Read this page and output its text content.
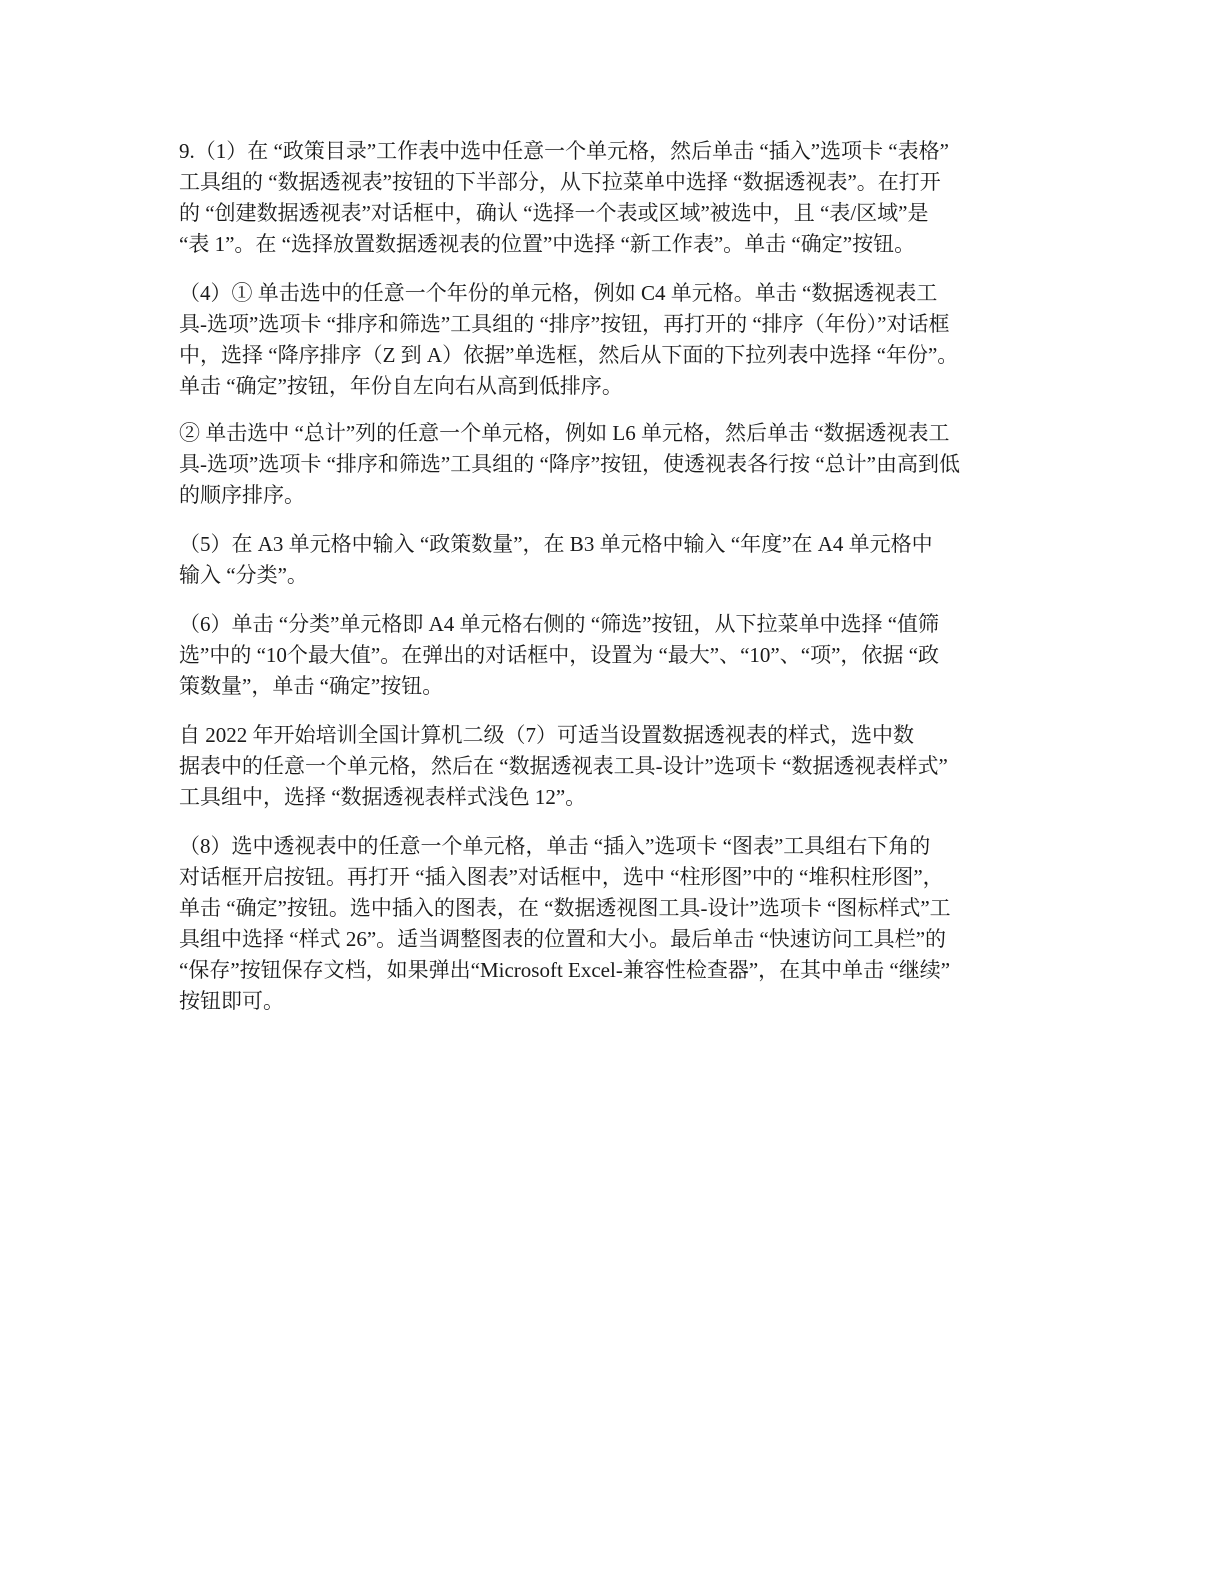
9.（1）在 “政策目录”工作表中选中任意一个单元格，然后单击 “插入”选项卡 “表格”
工具组的 “数据透视表”按钮的下半部分，从下拉菜单中选择 “数据透视表”。在打开
的 “创建数据透视表”对话框中，确认 “选择一个表或区域”被选中，且 “表/区域”是
“表 1”。在 “选择放置数据透视表的位置”中选择 “新工作表”。单击 “确定”按钮。

（4）① 单击选中的任意一个年份的单元格，例如 C4 单元格。单击 “数据透视表工
具-选项”选项卡 “排序和筛选”工具组的 “排序”按钮，再打开的 “排序（年份）”对话框
中，选择 “降序排序（Z 到 A）依据”单选框，然后从下面的下拉列表中选择 “年份”。
单击 “确定”按钮，年份自左向右从高到低排序。

② 单击选中 “总计”列的任意一个单元格，例如 L6 单元格，然后单击 “数据透视表工
具-选项”选项卡 “排序和筛选”工具组的 “降序”按钮，使透视表各行按 “总计”由高到低
的顺序排序。

（5）在 A3 单元格中输入 “政策数量”，在 B3 单元格中输入 “年度”在 A4 单元格中
输入 “分类”。

（6）单击 “分类”单元格即 A4 单元格右侧的 “筛选”按钮，从下拉菜单中选择 “值筛
选”中的 “10个最大值”。在弹出的对话框中，设置为 “最大”、“10”、“项”，依据 “政
策数量”，单击 “确定”按钮。

自 2022 年开始培训全国计算机二级（7）可适当设置数据透视表的样式，选中数
据表中的任意一个单元格，然后在 “数据透视表工具-设计”选项卡 “数据透视表样式”
工具组中，选择 “数据透视表样式浅色 12”。

（8）选中透视表中的任意一个单元格，单击 “插入”选项卡 “图表”工具组右下角的
对话框开启按钮。再打开 “插入图表”对话框中，选中 “柱形图”中的 “堆积柱形图”，
单击 “确定”按钮。选中插入的图表，在 “数据透视图工具-设计”选项卡 “图标样式”工
具组中选择 “样式 26”。适当调整图表的位置和大小。最后单击 “快速访问工具栏”的
“保存”按钮保存文档，如果弹出“Microsoft Excel-兼容性检查器”，在其中单击 “继续”
按钮即可。
